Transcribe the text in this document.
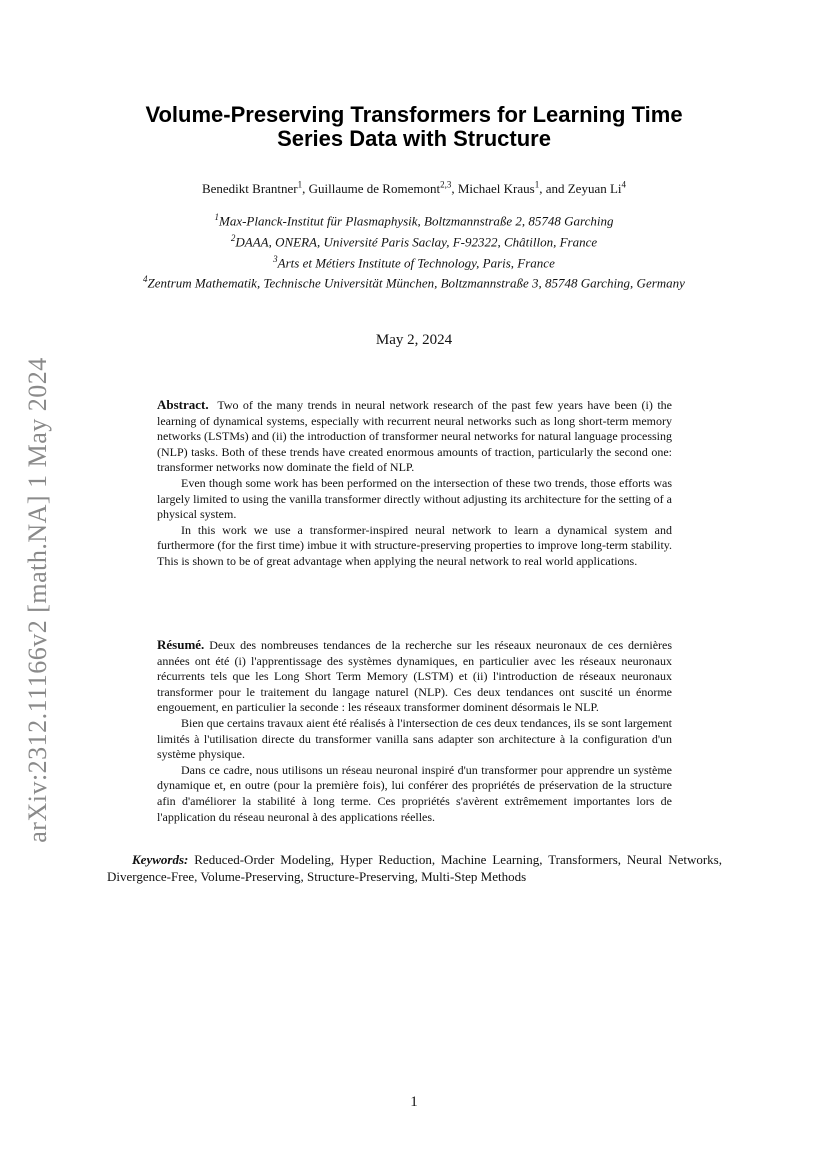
arXiv:2312.11166v2 [math.NA] 1 May 2024
Volume-Preserving Transformers for Learning Time Series Data with Structure
Benedikt Brantner$^1$, Guillaume de Romemont$^{2,3}$, Michael Kraus$^1$, and Zeyuan Li$^4$
$^1$Max-Planck-Institut für Plasmaphysik, Boltzmannstraße 2, 85748 Garching
$^2$DAAA, ONERA, Université Paris Saclay, F-92322, Châtillon, France
$^3$Arts et Métiers Institute of Technology, Paris, France
$^4$Zentrum Mathematik, Technische Universität München, Boltzmannstraße 3, 85748 Garching, Germany
May 2, 2024

Abstract. Two of the many trends in neural network research of the past few years have been (i) the learning of dynamical systems, especially with recurrent neural networks such as long short-term memory networks (LSTMs) and (ii) the introduction of transformer neural networks for natural language processing (NLP) tasks. Both of these trends have created enormous amounts of traction, particularly the second one: transformer networks now dominate the field of NLP.

Even though some work has been performed on the intersection of these two trends, those efforts was largely limited to using the vanilla transformer directly without adjusting its architecture for the setting of a physical system.

In this work we use a transformer-inspired neural network to learn a dynamical system and furthermore (for the first time) imbue it with structure-preserving properties to improve long-term stability. This is shown to be of great advantage when applying the neural network to real world applications.

Résumé. Deux des nombreuses tendances de la recherche sur les réseaux neuronaux de ces dernières années ont été (i) l'apprentissage des systèmes dynamiques, en particulier avec les réseaux neuronaux récurrents tels que les Long Short Term Memory (LSTM) et (ii) l'introduction de réseaux neuronaux transformer pour le traitement du langage naturel (NLP). Ces deux tendances ont suscité un énorme engouement, en particulier la seconde : les réseaux transformer dominent désormais le NLP.

Bien que certains travaux aient été réalisés à l'intersection de ces deux tendances, ils se sont largement limités à l'utilisation directe du transformer vanilla sans adapter son architecture à la configuration d'un système physique.

Dans ce cadre, nous utilisons un réseau neuronal inspiré d'un transformer pour apprendre un système dynamique et, en outre (pour la première fois), lui conférer des propriétés de préservation de la structure afin d'améliorer la stabilité à long terme. Ces propriétés s'avèrent extrêmement importantes lors de l'application du réseau neuronal à des applications réelles.

Keywords: Reduced-Order Modeling, Hyper Reduction, Machine Learning, Transformers, Neural Networks, Divergence-Free, Volume-Preserving, Structure-Preserving, Multi-Step Methods
1
